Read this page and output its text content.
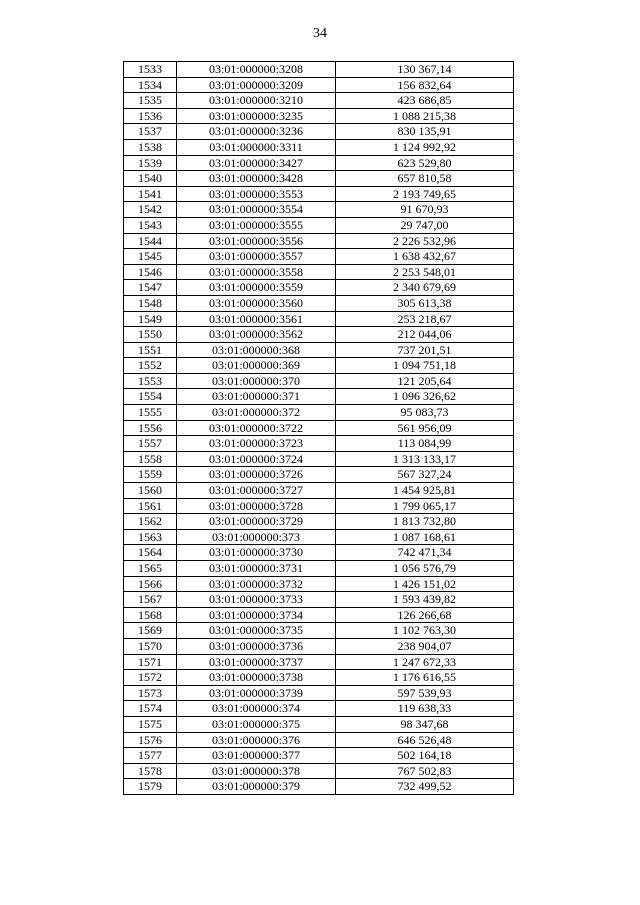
34
1533	03:01:000000:3208	130 367,14
1534	03:01:000000:3209	156 832,64
1535	03:01:000000:3210	423 686,85
1536	03:01:000000:3235	1 088 215,38
1537	03:01:000000:3236	830 135,91
1538	03:01:000000:3311	1 124 992,92
1539	03:01:000000:3427	623 529,80
1540	03:01:000000:3428	657 810,58
1541	03:01:000000:3553	2 193 749,65
1542	03:01:000000:3554	91 670,93
1543	03:01:000000:3555	29 747,00
1544	03:01:000000:3556	2 226 532,96
1545	03:01:000000:3557	1 638 432,67
1546	03:01:000000:3558	2 253 548,01
1547	03:01:000000:3559	2 340 679,69
1548	03:01:000000:3560	305 613,38
1549	03:01:000000:3561	253 218,67
1550	03:01:000000:3562	212 044,06
1551	03:01:000000:368	737 201,51
1552	03:01:000000:369	1 094 751,18
1553	03:01:000000:370	121 205,64
1554	03:01:000000:371	1 096 326,62
1555	03:01:000000:372	95 083,73
1556	03:01:000000:3722	561 956,09
1557	03:01:000000:3723	113 084,99
1558	03:01:000000:3724	1 313 133,17
1559	03:01:000000:3726	567 327,24
1560	03:01:000000:3727	1 454 925,81
1561	03:01:000000:3728	1 799 065,17
1562	03:01:000000:3729	1 813 732,80
1563	03:01:000000:373	1 087 168,61
1564	03:01:000000:3730	742 471,34
1565	03:01:000000:3731	1 056 576,79
1566	03:01:000000:3732	1 426 151,02
1567	03:01:000000:3733	1 593 439,82
1568	03:01:000000:3734	126 266,68
1569	03:01:000000:3735	1 102 763,30
1570	03:01:000000:3736	238 904,07
1571	03:01:000000:3737	1 247 672,33
1572	03:01:000000:3738	1 176 616,55
1573	03:01:000000:3739	597 539,93
1574	03:01:000000:374	119 638,33
1575	03:01:000000:375	98 347,68
1576	03:01:000000:376	646 526,48
1577	03:01:000000:377	502 164,18
1578	03:01:000000:378	767 502,83
1579	03:01:000000:379	732 499,52
